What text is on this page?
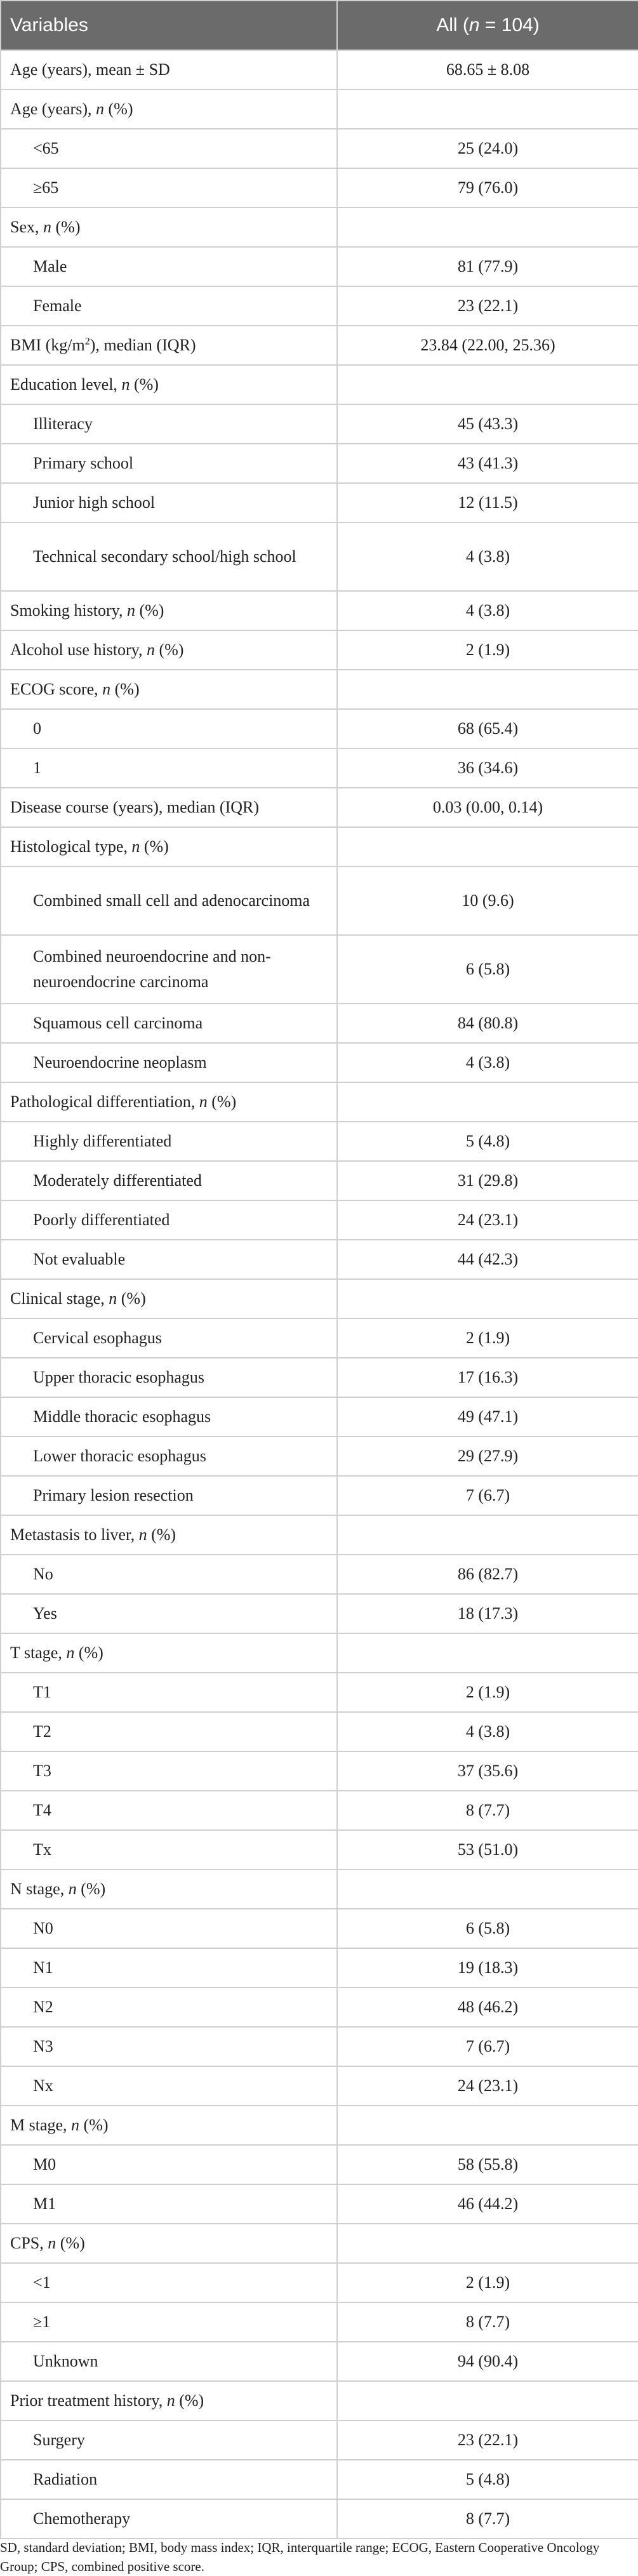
Variables	All (n = 104)
Age (years), mean ± SD	68.65 ± 8.08
Age (years), n (%)	
<65	25 (24.0)
≥65	79 (76.0)
Sex, n (%)	
Male	81 (77.9)
Female	23 (22.1)
BMI $(kg/m^2)$, median (IQR)	23.84 (22.00, 25.36)
Education level, n (%)	
Illiteracy	45 (43.3)
Primary school	43 (41.3)
Junior high school	12 (11.5)
Technical secondary school/high school	4 (3.8)
Smoking history, n (%)	4 (3.8)
Alcohol use history, n (%)	2 (1.9)
ECOG score, n (%)	
0	68 (65.4)
1	36 (34.6)
Disease course (years), median (IQR)	0.03 (0.00, 0.14)
Histological type, n (%)	
Combined small cell and adenocarcinoma	10 (9.6)
Combined neuroendocrine and non-neuroendocrine carcinoma	6 (5.8)
Squamous cell carcinoma	84 (80.8)
Neuroendocrine neoplasm	4 (3.8)
Pathological differentiation, n (%)	
Highly differentiated	5 (4.8)
Moderately differentiated	31 (29.8)
Poorly differentiated	24 (23.1)
Not evaluable	44 (42.3)
Clinical stage, n (%)	
Cervical esophagus	2 (1.9)
Upper thoracic esophagus	17 (16.3)
Middle thoracic esophagus	49 (47.1)
Lower thoracic esophagus	29 (27.9)
Primary lesion resection	7 (6.7)
Metastasis to liver, n (%)	
No	86 (82.7)
Yes	18 (17.3)
T stage, n (%)	
T1	2 (1.9)
T2	4 (3.8)
T3	37 (35.6)
T4	8 (7.7)
Tx	53 (51.0)
N stage, n (%)	
N0	6 (5.8)
N1	19 (18.3)
N2	48 (46.2)
N3	7 (6.7)
Nx	24 (23.1)
M stage, n (%)	
M0	58 (55.8)
M1	46 (44.2)
CPS, n (%)	
<1	2 (1.9)
≥1	8 (7.7)
Unknown	94 (90.4)
Prior treatment history, n (%)	
Surgery	23 (22.1)
Radiation	5 (4.8)
Chemotherapy	8 (7.7)

SD, standard deviation; BMI, body mass index; IQR, interquartile range; ECOG, Eastern Cooperative Oncology Group; CPS, combined positive score.
